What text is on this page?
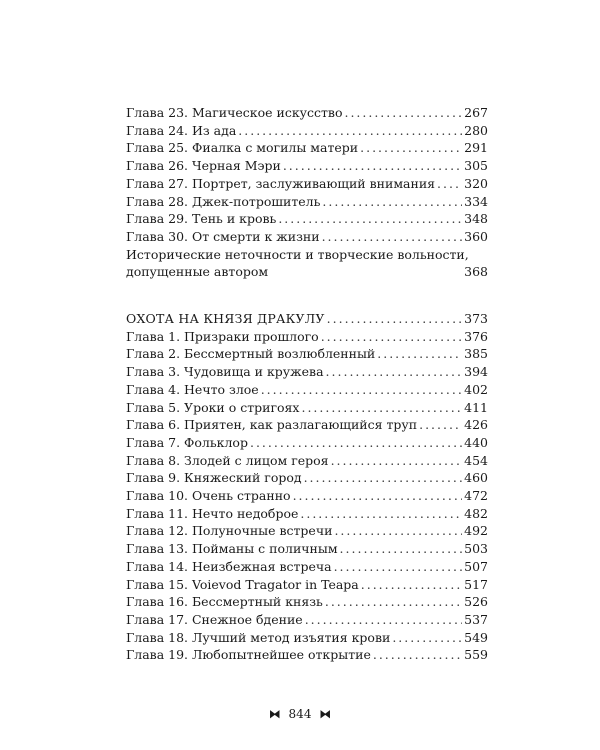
Глава 23. Магическое искусство .....	267
Глава 24. Из ада .....	280
Глава 25. Фиалка с могилы матери .....	291
Глава 26. Черная Мэри .....	305
Глава 27. Портрет, заслуживающий внимания ..... 320
Глава 28. Джек-потрошитель .....	334
Глава 29. Тень и кровь .....	348
Глава 30. От смерти к жизни .....	360
Исторические неточности и творческие вольности,
допущенные автором	368
ОХОТА НА КНЯЗЯ ДРАКУЛУ .....	373
Глава 1. Призраки прошлого .....	376
Глава 2. Бессмертный возлюбленный .....	385
Глава 3. Чудовища и кружева .....	394
Глава 4. Нечто злое .....	402
Глава 5. Уроки о стригоях .....	411
Глава 6. Приятен, как разлагающийся труп .....	426
Глава 7. Фольклор .....	440
Глава 8. Злодей с лицом героя .....	454
Глава 9. Княжеский город .....	460
Глава 10. Очень странно .....	472
Глава 11. Нечто недоброе .....	482
Глава 12. Полуночные встречи .....	492
Глава 13. Пойманы с поличным .....	503
Глава 14. Неизбежная встреча .....	507
Глава 15. Voievod Tragator in Teapa .....	517
Глава 16. Бессмертный князь .....	526
Глава 17. Снежное бдение .....	537
Глава 18. Лучший метод изъятия крови .....	549
Глава 19. Любопытнейшее открытие .....	559
⧓ 844 ⧓
